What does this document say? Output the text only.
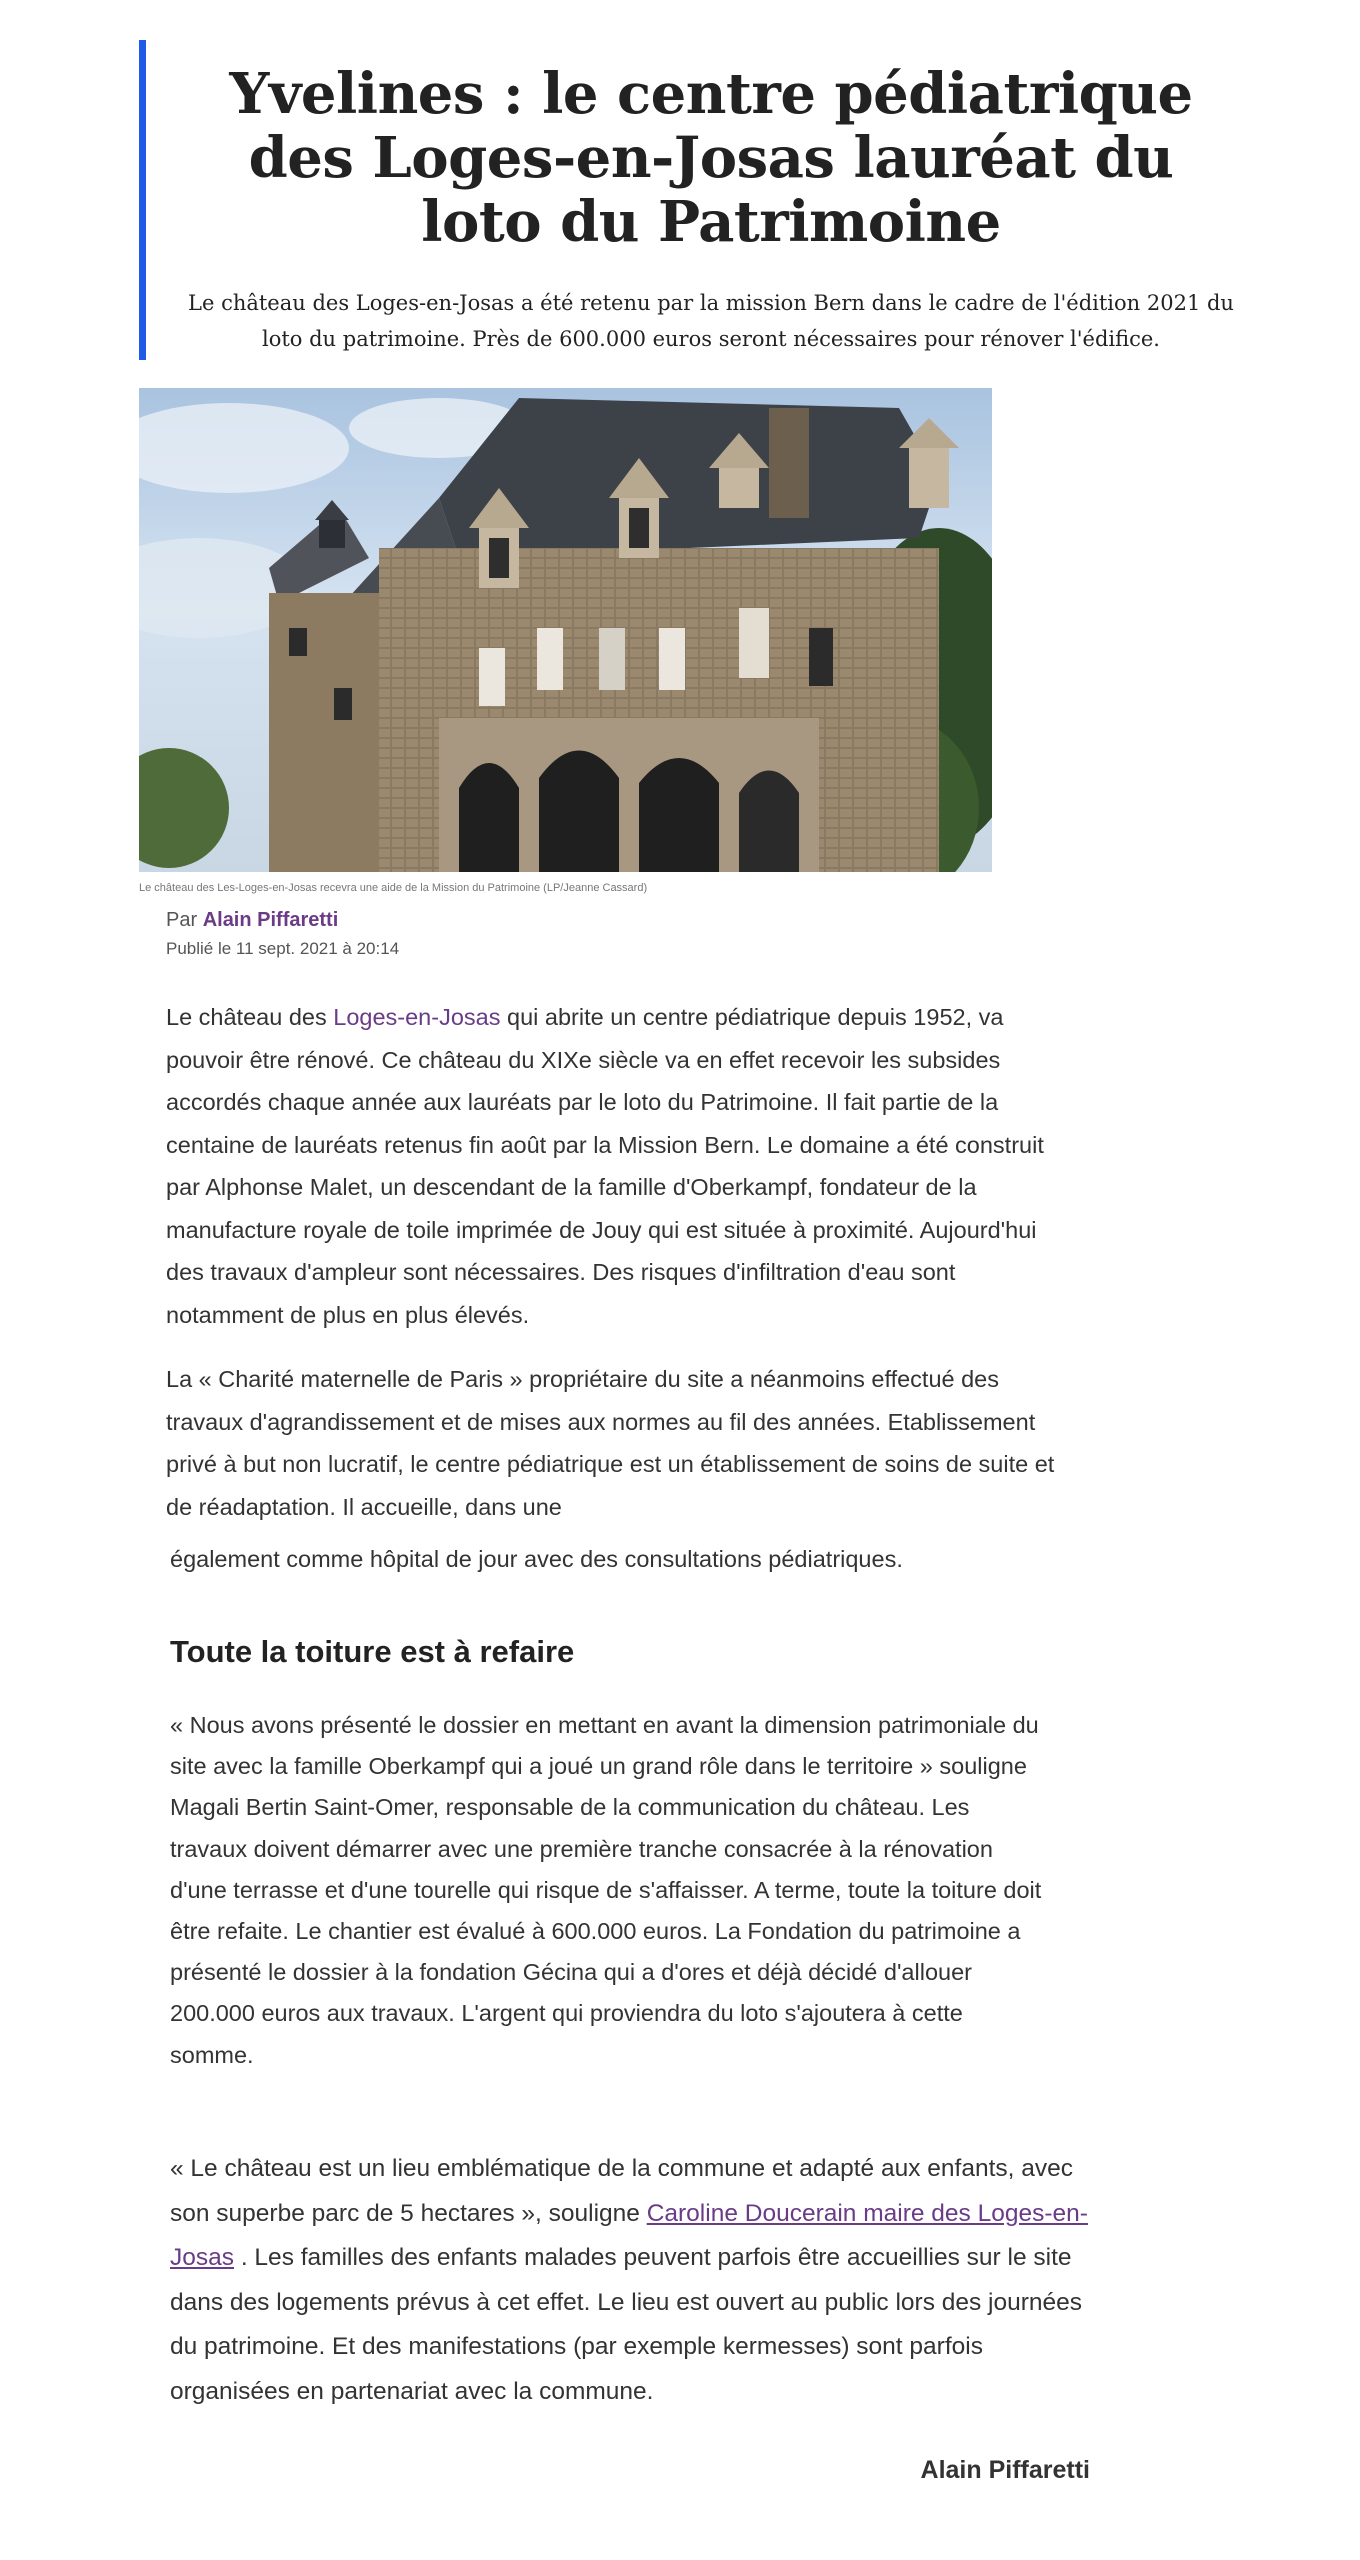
Yvelines : le centre pédiatrique des Loges-en-Josas lauréat du loto du Patrimoine

Le château des Loges-en-Josas a été retenu par la mission Bern dans le cadre de l'édition 2021 du loto du patrimoine. Près de 600.000 euros seront nécessaires pour rénover l'édifice.

Le château des Les-Loges-en-Josas recevra une aide de la Mission du Patrimoine (LP/Jeanne Cassard)

Par Alain Piffaretti
Publié le 11 sept. 2021 à 20:14

Le château des Loges-en-Josas qui abrite un centre pédiatrique depuis 1952, va pouvoir être rénové. Ce château du XIXe siècle va en effet recevoir les subsides accordés chaque année aux lauréats par le loto du Patrimoine. Il fait partie de la centaine de lauréats retenus fin août par la Mission Bern. Le domaine a été construit par Alphonse Malet, un descendant de la famille d'Oberkampf, fondateur de la manufacture royale de toile imprimée de Jouy qui est située à proximité. Aujourd'hui des travaux d'ampleur sont nécessaires. Des risques d'infiltration d'eau sont notamment de plus en plus élevés.

La « Charité maternelle de Paris » propriétaire du site a néanmoins effectué des travaux d'agrandissement et de mises aux normes au fil des années. Etablissement privé à but non lucratif, le centre pédiatrique est un établissement de soins de suite et de réadaptation. Il accueille, dans une

également comme hôpital de jour avec des consultations pédiatriques.

Toute la toiture est à refaire

« Nous avons présenté le dossier en mettant en avant la dimension patrimoniale du site avec la famille Oberkampf qui a joué un grand rôle dans le territoire » souligne Magali Bertin Saint-Omer, responsable de la communication du château. Les travaux doivent démarrer avec une première tranche consacrée à la rénovation d'une terrasse et d'une tourelle qui risque de s'affaisser. A terme, toute la toiture doit être refaite. Le chantier est évalué à 600.000 euros. La Fondation du patrimoine a présenté le dossier à la fondation Gécina qui a d'ores et déjà décidé d'allouer 200.000 euros aux travaux. L'argent qui proviendra du loto s'ajoutera à cette somme.

« Le château est un lieu emblématique de la commune et adapté aux enfants, avec son superbe parc de 5 hectares », souligne Caroline Doucerain maire des Loges-en-Josas . Les familles des enfants malades peuvent parfois être accueillies sur le site dans des logements prévus à cet effet. Le lieu est ouvert au public lors des journées du patrimoine. Et des manifestations (par exemple kermesses) sont parfois organisées en partenariat avec la commune.

Alain Piffaretti
